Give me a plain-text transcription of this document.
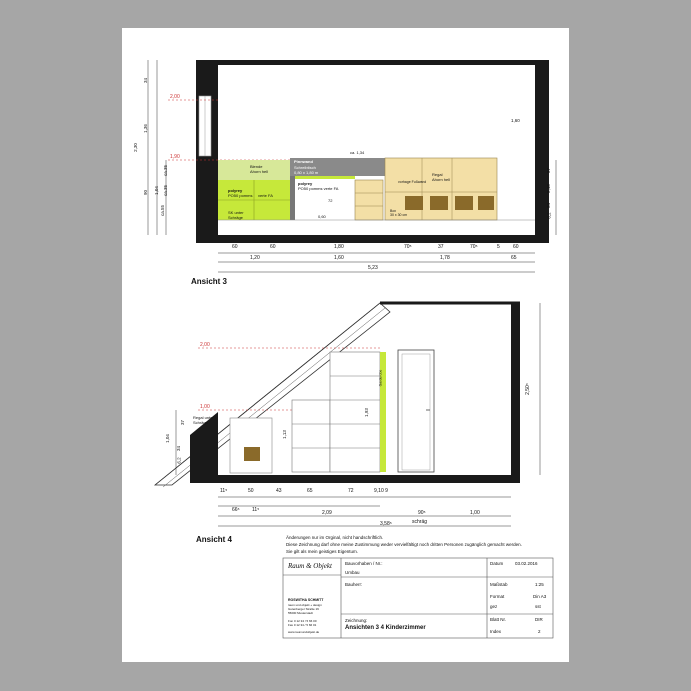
Ansicht 3
2,00
1,90
1,60
34
1,36
2,30
90 1,04
ca.55
ca.35
ca.35	37
2,18
34
6,2
Blende
Ahorn hell
polyrey
PO50 pomms verte FA
SK unter
Schräge
Pinnwand
Schreibtisch
0,80 x 1,80 m
polyrey
PO50 pomms verte FA
72
0,60
ca. 1,34
Regal
Ahorn hell
vorhage Fußwand
Box
30 x 30 cm
60	60	1,80	70⁵	37	70⁵	5	60
1,20	1,60	1,78	65
5,23
Ansicht 4
2,00
1,00
2,50⁵
Regal unter
Schräge
1,13
1,93
Garderobe
1,04
34
6,2
37
11⁵	50	43	65	72	9,10 9
66⁵ 11⁵	2,09	90⁵	1,00
schräg
3,58⁵
Änderungen nur im Orginal, nicht handschriftlich.
Diese Zeichnung darf ohne meine Zustimmung weder vervielfältigt noch dritten Personen zugänglich gemacht werden.
Sie gilt als mein geistiges Eigentum.
Raum & Objekt
ROSWITHA SCHMITT
raum und objekt + design
Gutenberger Straße 19
55000 Musterstadt
Fon 0 12 34 / 5 66 00
Fax 0 12 34 / 5 66 01
www.raumundobjekt.de
Bauvorhaben / Nr.:
Umbau
Bauherr:
Zeichnung:
Ansichten 3 4 Kinderzimmer
Datum	03.02.2016
Maßstab	1:25
Format	Din A3
gez	sst
Blatt Nr.	DIR
Index	2
